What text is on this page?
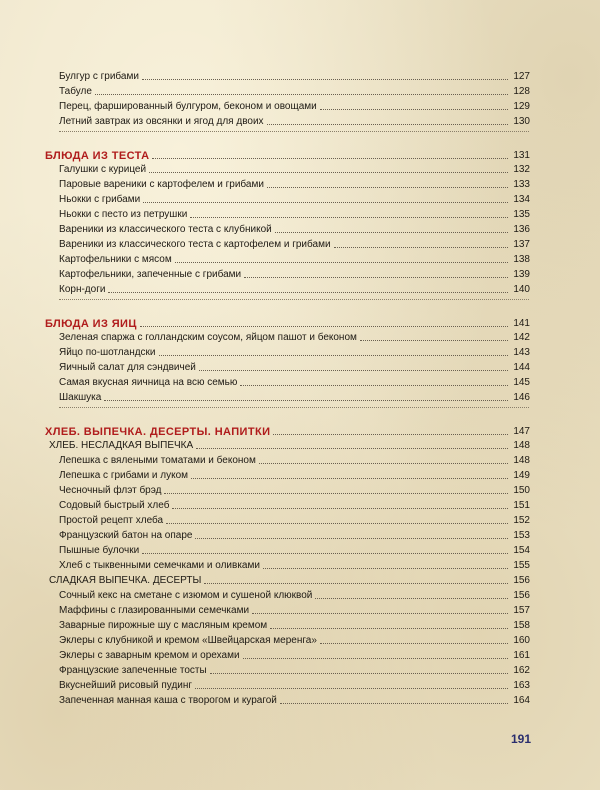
Булгур с грибами	127
Табуле	128
Перец, фаршированный булгуром, беконом и овощами	129
Летний завтрак из овсянки и ягод для двоих	130
БЛЮДА ИЗ ТЕСТА	131
Галушки с курицей	132
Паровые вареники с картофелем и грибами	133
Ньокки с грибами	134
Ньокки с песто из петрушки	135
Вареники из классического теста с клубникой	136
Вареники из классического теста с картофелем и грибами	137
Картофельники с мясом	138
Картофельники, запеченные с грибами	139
Корн-доги	140
БЛЮДА ИЗ ЯИЦ	141
Зеленая спаржа с голландским соусом, яйцом пашот и беконом	142
Яйцо по-шотландски	143
Яичный салат для сэндвичей	144
Самая вкусная яичница на всю семью	145
Шакшука	146
ХЛЕБ. ВЫПЕЧКА. ДЕСЕРТЫ. НАПИТКИ	147
ХЛЕБ. НЕСЛАДКАЯ ВЫПЕЧКА	148
Лепешка с вялеными томатами и беконом	148
Лепешка с грибами и луком	149
Чесночный флэт брэд	150
Содовый быстрый хлеб	151
Простой рецепт хлеба	152
Французский батон на опаре	153
Пышные булочки	154
Хлеб с тыквенными семечками и оливками	155
СЛАДКАЯ ВЫПЕЧКА. ДЕСЕРТЫ	156
Сочный кекс на сметане с изюмом и сушеной клюквой	156
Маффины с глазированными семечками	157
Заварные пирожные шу с масляным кремом	158
Эклеры с клубникой и кремом «Швейцарская меренга»	160
Эклеры с заварным кремом и орехами	161
Французские запеченные тосты	162
Вкуснейший рисовый пудинг	163
Запеченная манная каша с творогом и курагой	164
191
